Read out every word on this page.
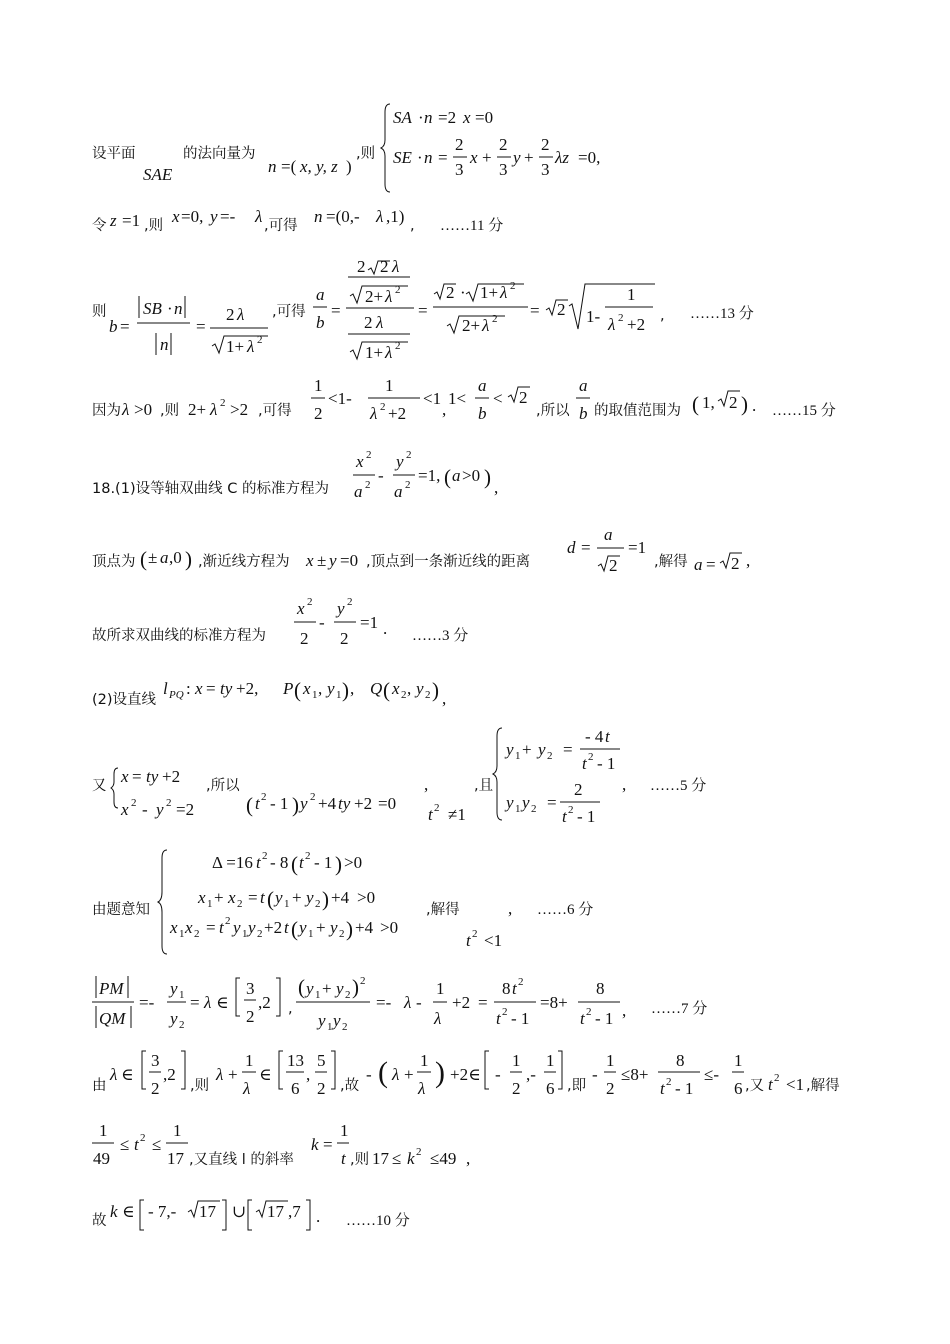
设平面
SAE
的法向量为
n =( x, y, z )
,则
SA · n =2 x =0
SE · n =
2
3
x +
2
3
y +
2
3
λz =0,
令 z =1 ,则 x =0, y =- λ ,可得 n =(0,- λ ,1) , ……11 分
则
b =
SB · n
n
=
2 λ
1+ λ 2
,可得
a
b
=
2 2 λ
2+ λ 2
2 λ
1+ λ 2
=
2 · 1+ λ 2
2+ λ 2 = 2 1-
1
λ 2 +2 , ……13 分
因为 λ >0 ,则 2+ λ 2 >2 ,可得
1
2
<1-
1
λ 2 +2
<1
,
1<
a
b
< 2
,所以
a
b 的取值范围为 ( 1, 2 ) . ……15 分
18.(1)设等轴双曲线 C 的标准方程为
x 2
a 2 -
y 2
a 2 =1, ( a >0 ) ,
顶点为 ( ± a ,0 ) ,渐近线方程为 x ± y =0 ,顶点到一条渐近线的距离
d =
a
2
=1
,解得 a = 2 ,
故所求双曲线的标准方程为
x 2
2
-
y 2
2
=1 . ……3 分
(2)设直线
l PQ : x = ty +2, P ( x 1 , y 1 ) , Q ( x 2 , y 2 ) ,
又 x = ty +2
x 2 - y 2 =2
,所以
( t 2 - 1 ) y 2 +4 ty +2 =0
,
t 2 ≠1
,且
y 1 + y 2 =
- 4 t
t 2 - 1
y 1 y 2 =
2
t 2 - 1
, ……5 分
由题意知
Δ =16 t 2 - 8 ( t 2 - 1 ) >0
x 1 + x 2 = t ( y 1 + y 2 ) +4 >0
x 1 x 2 = t 2 y 1 y 2 +2 t ( y 1 + y 2 ) +4 >0
,解得	,
t 2 <1
……6 分
PM
QM
=-
y 1
y 2
= λ ∈
3
2
,2 ,
( y 1 + y 2 ) 2
y 1 y 2
=- λ -
1
λ
+2 =
8 t 2
t 2 - 1
=8+
8
t 2 - 1 , ……7 分
由
λ ∈
3
2
,2
,则
λ +
1
λ
∈
13
6
,
5
2 ,故
- ( λ +
1
λ ) +2∈ -
1
2
,-
1
6 ,即
-
1
2
≤8+
8
t 2 - 1
≤-
1
6 ,又 t 2 <1 ,解得
1
49
≤ t 2 ≤
1
17 ,又直线 l 的斜率
k =
1
t ,则 17 ≤ k 2 ≤49 ,
故 k ∈ - 7,- 17 ∪ 17 ,7 . ……10 分
